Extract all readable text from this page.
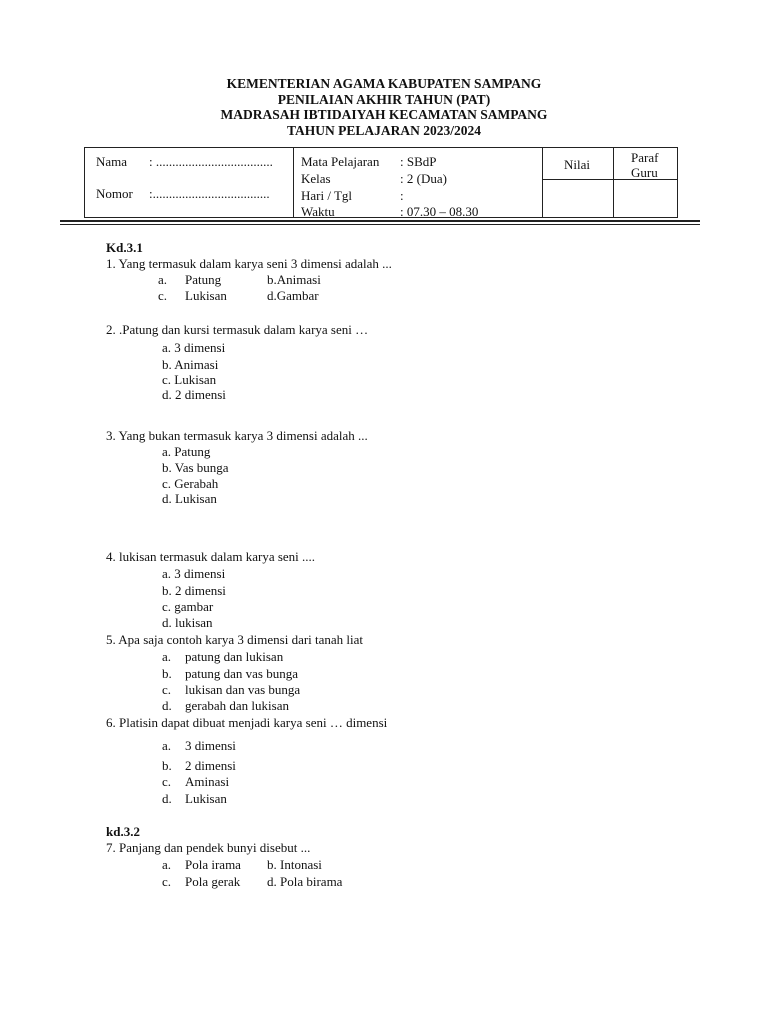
KEMENTERIAN AGAMA KABUPATEN SAMPANG
PENILAIAN AKHIR TAHUN (PAT)
MADRASAH IBTIDAIYAH KECAMATAN SAMPANG
TAHUN PELAJARAN 2023/2024
Nama : ....................................
Nomor :....................................
Mata Pelajaran : SBdP
Kelas	: 2 (Dua)
Hari / Tgl	:
Waktu	: 07.30 – 08.30
Nilai	Paraf
Guru
Kd.3.1
1. Yang termasuk dalam karya seni 3 dimensi adalah ...
a. Patung	b.Animasi
c. Lukisan	d.Gambar
2. .Patung dan kursi termasuk dalam karya seni …
a. 3 dimensi
b. Animasi
c. Lukisan
d. 2 dimensi
3. Yang bukan termasuk karya 3 dimensi adalah ...
a. Patung
b. Vas bunga
c. Gerabah
d. Lukisan
4. lukisan termasuk dalam karya seni ....
a. 3 dimensi
b. 2 dimensi
c. gambar
d. lukisan
5. Apa saja contoh karya 3 dimensi dari tanah liat
a. patung dan lukisan
b. patung dan vas bunga
c. lukisan dan vas bunga
d. gerabah dan lukisan
6. Platisin dapat dibuat menjadi karya seni … dimensi
a. 3 dimensi
b. 2 dimensi
c. Aminasi
d. Lukisan
kd.3.2
7. Panjang dan pendek bunyi disebut ...
a. Pola irama b. Intonasi
c. Pola gerak d. Pola birama
